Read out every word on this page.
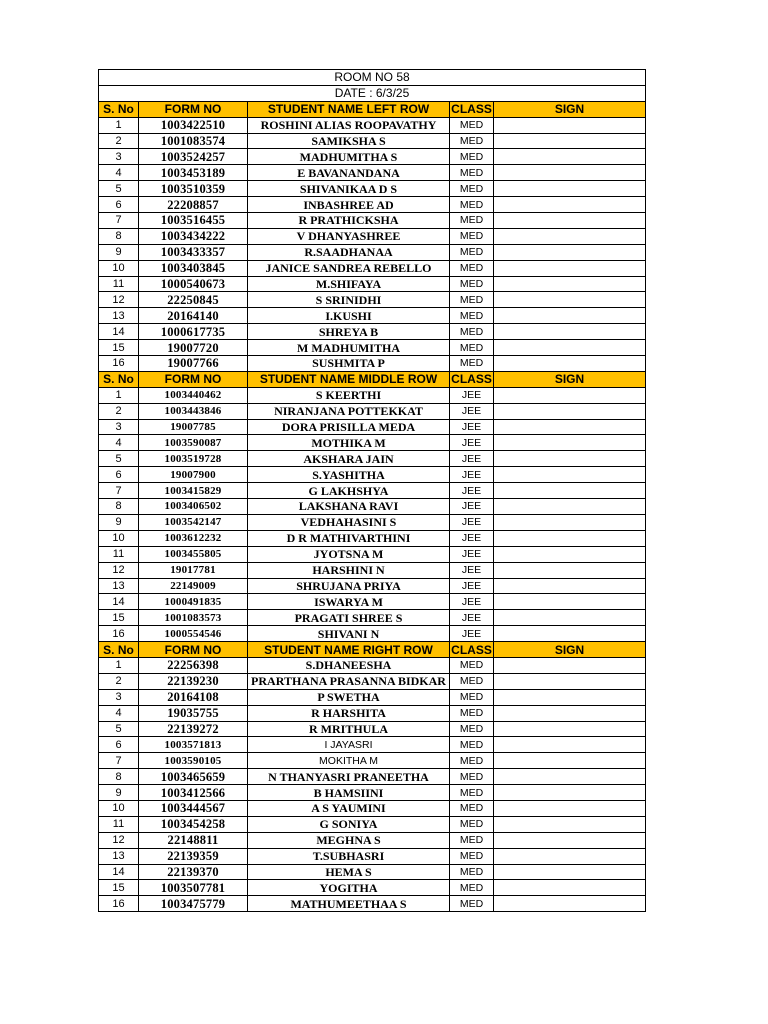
ROOM NO 58				
DATE : 6/3/25				
S. No	FORM NO	STUDENT NAME LEFT ROW	CLASS	SIGN
1	1003422510	ROSHINI ALIAS ROOPAVATHY	MED	
2	1001083574	SAMIKSHA S	MED	
3	1003524257	MADHUMITHA S	MED	
4	1003453189	E BAVANANDANA	MED	
5	1003510359	SHIVANIKAA D S	MED	
6	22208857	INBASHREE AD	MED	
7	1003516455	R PRATHICKSHA	MED	
8	1003434222	V DHANYASHREE	MED	
9	1003433357	R.SAADHANAA	MED	
10	1003403845	JANICE SANDREA REBELLO	MED	
11	1000540673	M.SHIFAYA	MED	
12	22250845	S SRINIDHI	MED	
13	20164140	I.KUSHI	MED	
14	1000617735	SHREYA B	MED	
15	19007720	M MADHUMITHA	MED	
16	19007766	SUSHMITA P	MED	
S. No	FORM NO	STUDENT NAME MIDDLE ROW	CLASS	SIGN
1	1003440462	S KEERTHI	JEE	
2	1003443846	NIRANJANA POTTEKKAT	JEE	
3	19007785	DORA PRISILLA MEDA	JEE	
4	1003590087	MOTHIKA M	JEE	
5	1003519728	AKSHARA JAIN	JEE	
6	19007900	S.YASHITHA	JEE	
7	1003415829	G LAKHSHYA	JEE	
8	1003406502	LAKSHANA RAVI	JEE	
9	1003542147	VEDHAHASINI S	JEE	
10	1003612232	D R MATHIVARTHINI	JEE	
11	1003455805	JYOTSNA M	JEE	
12	19017781	HARSHINI N	JEE	
13	22149009	SHRUJANA PRIYA	JEE	
14	1000491835	ISWARYA M	JEE	
15	1001083573	PRAGATI SHREE S	JEE	
16	1000554546	SHIVANI N	JEE	
S. No	FORM NO	STUDENT NAME RIGHT ROW	CLASS	SIGN
1	22256398	S.DHANEESHA	MED	
2	22139230	PRARTHANA PRASANNA BIDKAR	MED	
3	20164108	P SWETHA	MED	
4	19035755	R HARSHITA	MED	
5	22139272	R MRITHULA	MED	
6	1003571813	I JAYASRI	MED	
7	1003590105	MOKITHA M	MED	
8	1003465659	N THANYASRI PRANEETHA	MED	
9	1003412566	B HAMSIINI	MED	
10	1003444567	A S YAUMINI	MED	
11	1003454258	G SONIYA	MED	
12	22148811	MEGHNA S	MED	
13	22139359	T.SUBHASRI	MED	
14	22139370	HEMA S	MED	
15	1003507781	YOGITHA	MED	
16	1003475779	MATHUMEETHAA S	MED	
